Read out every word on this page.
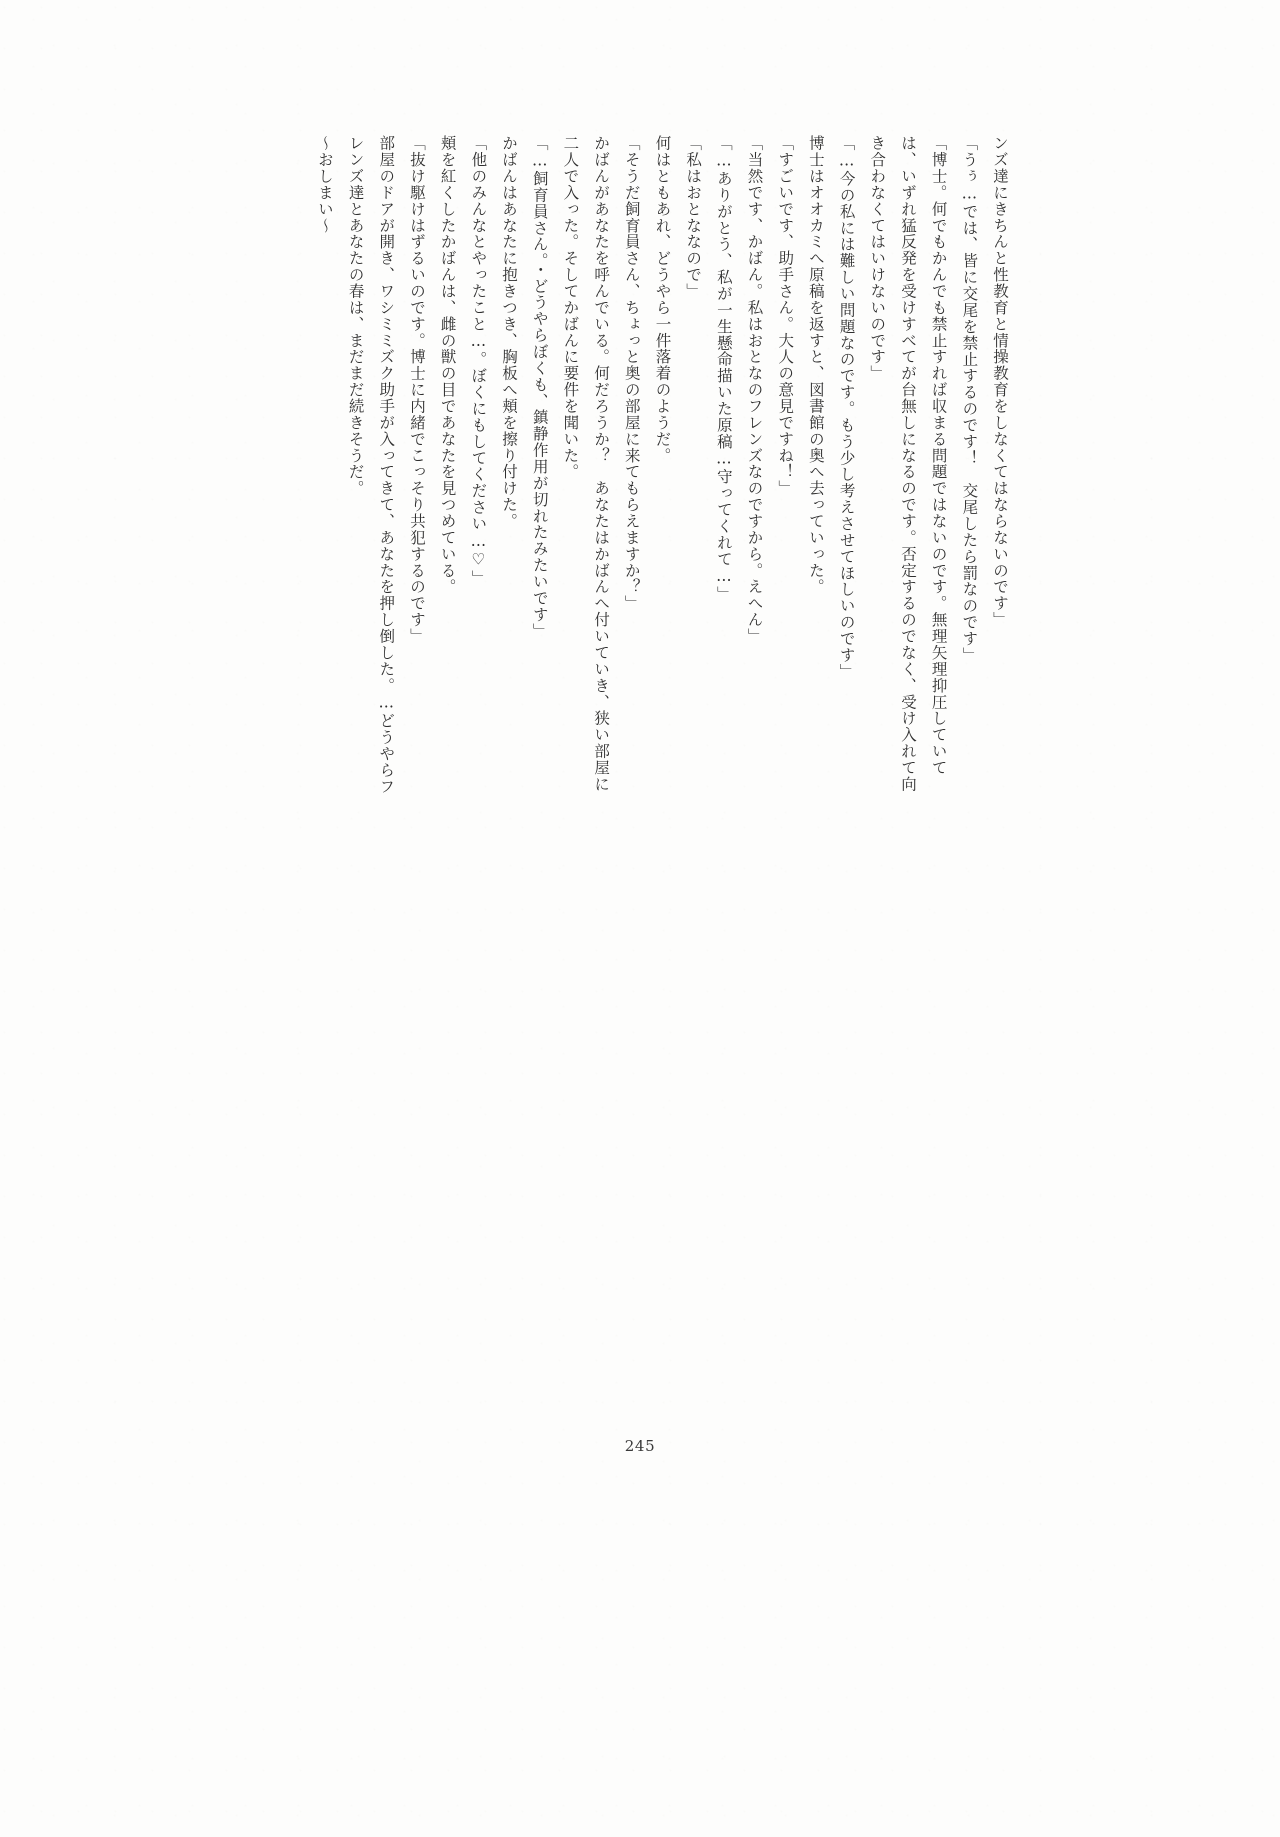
ンズ達にきちんと性教育と情操教育をしなくてはならないのです」

「うぅ…では、皆に交尾を禁止するのです！　交尾したら罰なのです」

「博士。何でもかんでも禁止すれば収まる問題ではないのです。無理矢理抑圧していては、いずれ猛反発を受けすべてが台無しになるのです。否定するのでなく、受け入れて向き合わなくてはいけないのです」

「…今の私には難しい問題なのです。もう少し考えさせてほしいのです」

博士はオオカミへ原稿を返すと、図書館の奥へ去っていった。

「すごいです、助手さん。大人の意見ですね！」

「当然です、かばん。私はおとなのフレンズなのですから。えへん」

「…ありがとう、私が一生懸命描いた原稿…守ってくれて…」

「私はおとななので」

何はともあれ、どうやら一件落着のようだ。

「そうだ飼育員さん、ちょっと奥の部屋に来てもらえますか？」

かばんがあなたを呼んでいる。何だろうか？　あなたはかばんへ付いていき、狭い部屋に二人で入った。そしてかばんに要件を聞いた。

「…飼育員さん。・どうやらぼくも、鎮静作用が切れたみたいです」

かばんはあなたに抱きつき、胸板へ頬を擦り付けた。

「他のみんなとやったこと…。ぼくにもしてください…♡」

頬を紅くしたかばんは、雌の獣の目であなたを見つめている。

「抜け駆けはずるいのです。博士に内緒でこっそり共犯するのです」

部屋のドアが開き、ワシミミズク助手が入ってきて、あなたを押し倒した。…どうやらフレンズ達とあなたの春は、まだまだ続きそうだ。

〜おしまい〜

245
